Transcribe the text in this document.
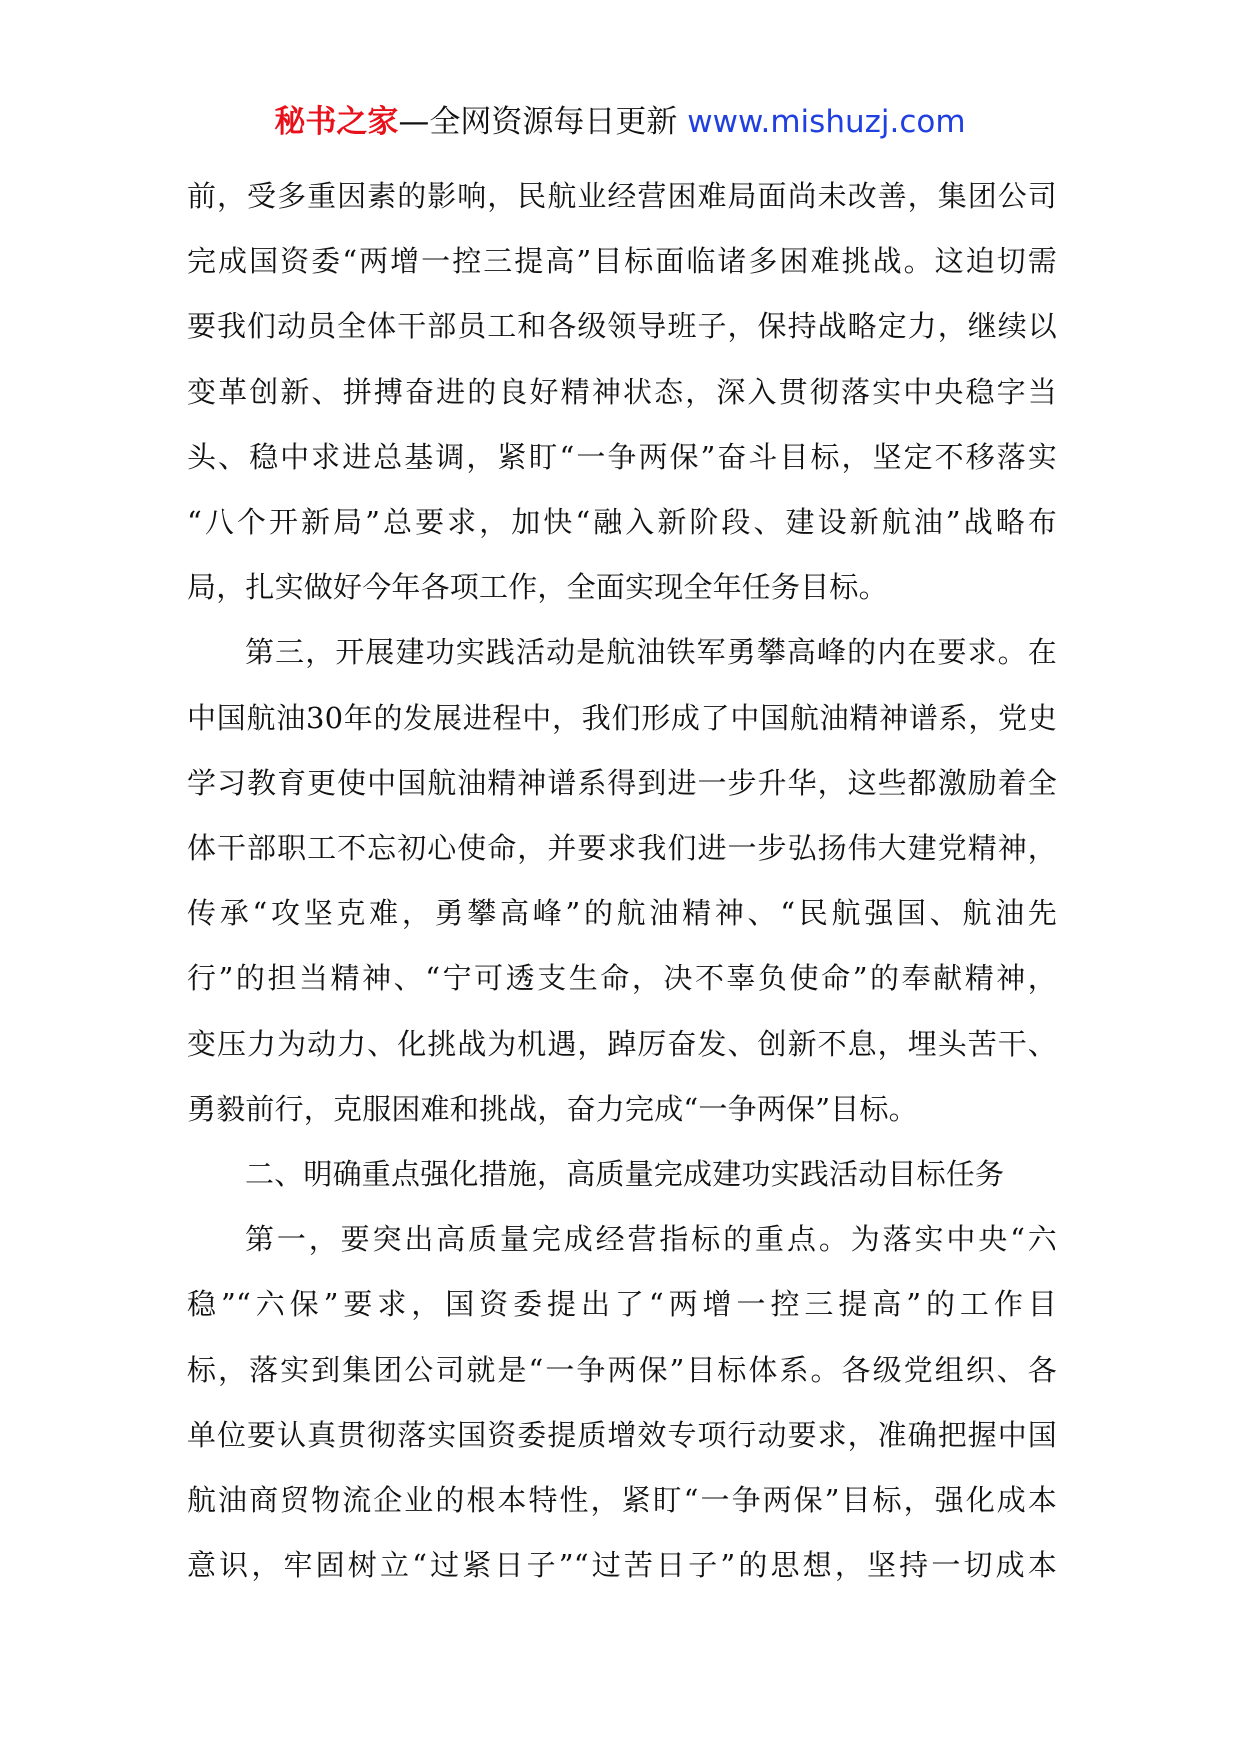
秘书之家—全网资源每日更新 www.mishuzj.com

前，受多重因素的影响，民航业经营困难局面尚未改善，集团公司
完成国资委“两增一控三提高”目标面临诸多困难挑战。这迫切需
要我们动员全体干部员工和各级领导班子，保持战略定力，继续以
变革创新、拼搏奋进的良好精神状态，深入贯彻落实中央稳字当
头、稳中求进总基调，紧盯“一争两保”奋斗目标，坚定不移落实
“八个开新局”总要求，加快“融入新阶段、建设新航油”战略布
局，扎实做好今年各项工作，全面实现全年任务目标。

第三，开展建功实践活动是航油铁军勇攀高峰的内在要求。在
中国航油30年的发展进程中，我们形成了中国航油精神谱系，党史
学习教育更使中国航油精神谱系得到进一步升华，这些都激励着全
体干部职工不忘初心使命，并要求我们进一步弘扬伟大建党精神，
传承“攻坚克难，勇攀高峰”的航油精神、“民航强国、航油先
行”的担当精神、“宁可透支生命，决不辜负使命”的奉献精神，
变压力为动力、化挑战为机遇，踔厉奋发、创新不息，埋头苦干、
勇毅前行，克服困难和挑战，奋力完成“一争两保”目标。

二、明确重点强化措施，高质量完成建功实践活动目标任务

第一，要突出高质量完成经营指标的重点。为落实中央“六
稳”“六保”要求，国资委提出了“两增一控三提高”的工作目
标，落实到集团公司就是“一争两保”目标体系。各级党组织、各
单位要认真贯彻落实国资委提质增效专项行动要求，准确把握中国
航油商贸物流企业的根本特性，紧盯“一争两保”目标，强化成本
意识，牢固树立“过紧日子”“过苦日子”的思想，坚持一切成本
